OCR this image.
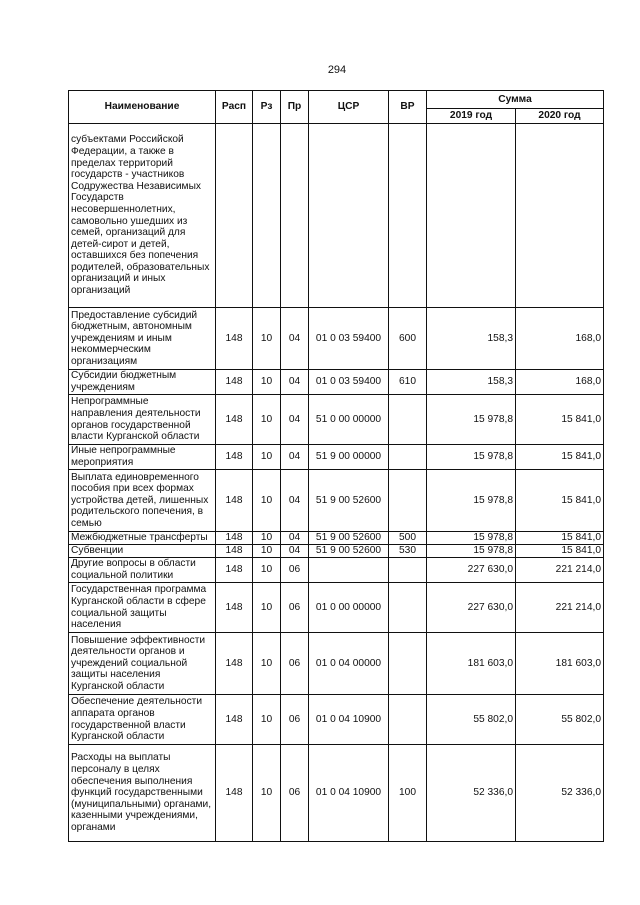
294
Наименование	Расп	Рз	Пр	ЦСР	ВР	Сумма	
						2019 год	2020 год
субъектами Российской Федерации, а также в пределах территорий государств - участников Содружества Независимых Государств несовершеннолетних, самовольно ушедших из семей, организаций для детей-сирот и детей, оставшихся без попечения родителей, образовательных организаций и иных организаций							
Предоставление субсидий бюджетным, автономным учреждениям и иным некоммерческим организациям	148	10	04	01 0 03 59400	600	158,3	168,0
Субсидии бюджетным учреждениям	148	10	04	01 0 03 59400	610	158,3	168,0
Непрограммные направления деятельности органов государственной власти Курганской области	148	10	04	51 0 00 00000		15 978,8	15 841,0
Иные непрограммные мероприятия	148	10	04	51 9 00 00000		15 978,8	15 841,0
Выплата единовременного пособия при всех формах устройства детей, лишенных родительского попечения, в семью	148	10	04	51 9 00 52600		15 978,8	15 841,0
Межбюджетные трансферты	148	10	04	51 9 00 52600	500	15 978,8	15 841,0
Субвенции	148	10	04	51 9 00 52600	530	15 978,8	15 841,0
Другие вопросы в области социальной политики	148	10	06			227 630,0	221 214,0
Государственная программа Курганской области в сфере социальной защиты населения	148	10	06	01 0 00 00000		227 630,0	221 214,0
Повышение эффективности деятельности органов и учреждений социальной защиты населения Курганской области	148	10	06	01 0 04 00000		181 603,0	181 603,0
Обеспечение деятельности аппарата органов государственной власти Курганской области	148	10	06	01 0 04 10900		55 802,0	55 802,0
Расходы на выплаты персоналу в целях обеспечения выполнения функций государственными (муниципальными) органами, казенными учреждениями, органами	148	10	06	01 0 04 10900	100	52 336,0	52 336,0
